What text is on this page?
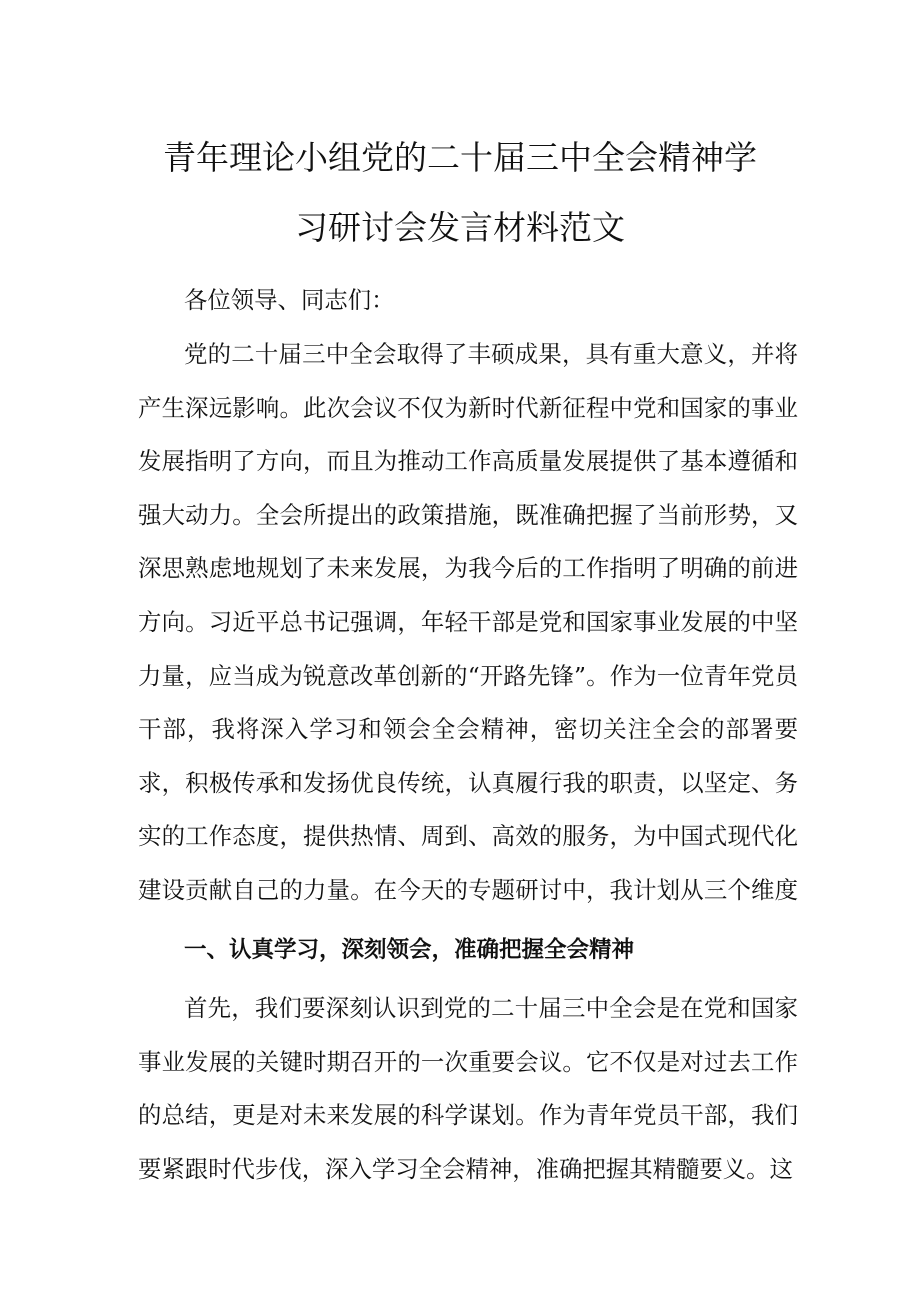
青年理论小组党的二十届三中全会精神学
习研讨会发言材料范文

各位领导、同志们：

党的二十届三中全会取得了丰硕成果，具有重大意义，并将产生深远影响。此次会议不仅为新时代新征程中党和国家的事业发展指明了方向，而且为推动工作高质量发展提供了基本遵循和强大动力。全会所提出的政策措施，既准确把握了当前形势，又深思熟虑地规划了未来发展，为我今后的工作指明了明确的前进方向。习近平总书记强调，年轻干部是党和国家事业发展的中坚力量，应当成为锐意改革创新的“开路先锋”。作为一位青年党员干部，我将深入学习和领会全会精神，密切关注全会的部署要求，积极传承和发扬优良传统，认真履行我的职责，以坚定、务实的工作态度，提供热情、周到、高效的服务，为中国式现代化建设贡献自己的力量。在今天的专题研讨中，我计划从三个维度

一、认真学习，深刻领会，准确把握全会精神

首先，我们要深刻认识到党的二十届三中全会是在党和国家事业发展的关键时期召开的一次重要会议。它不仅是对过去工作的总结，更是对未来发展的科学谋划。作为青年党员干部，我们要紧跟时代步伐，深入学习全会精神，准确把握其精髓要义。这
